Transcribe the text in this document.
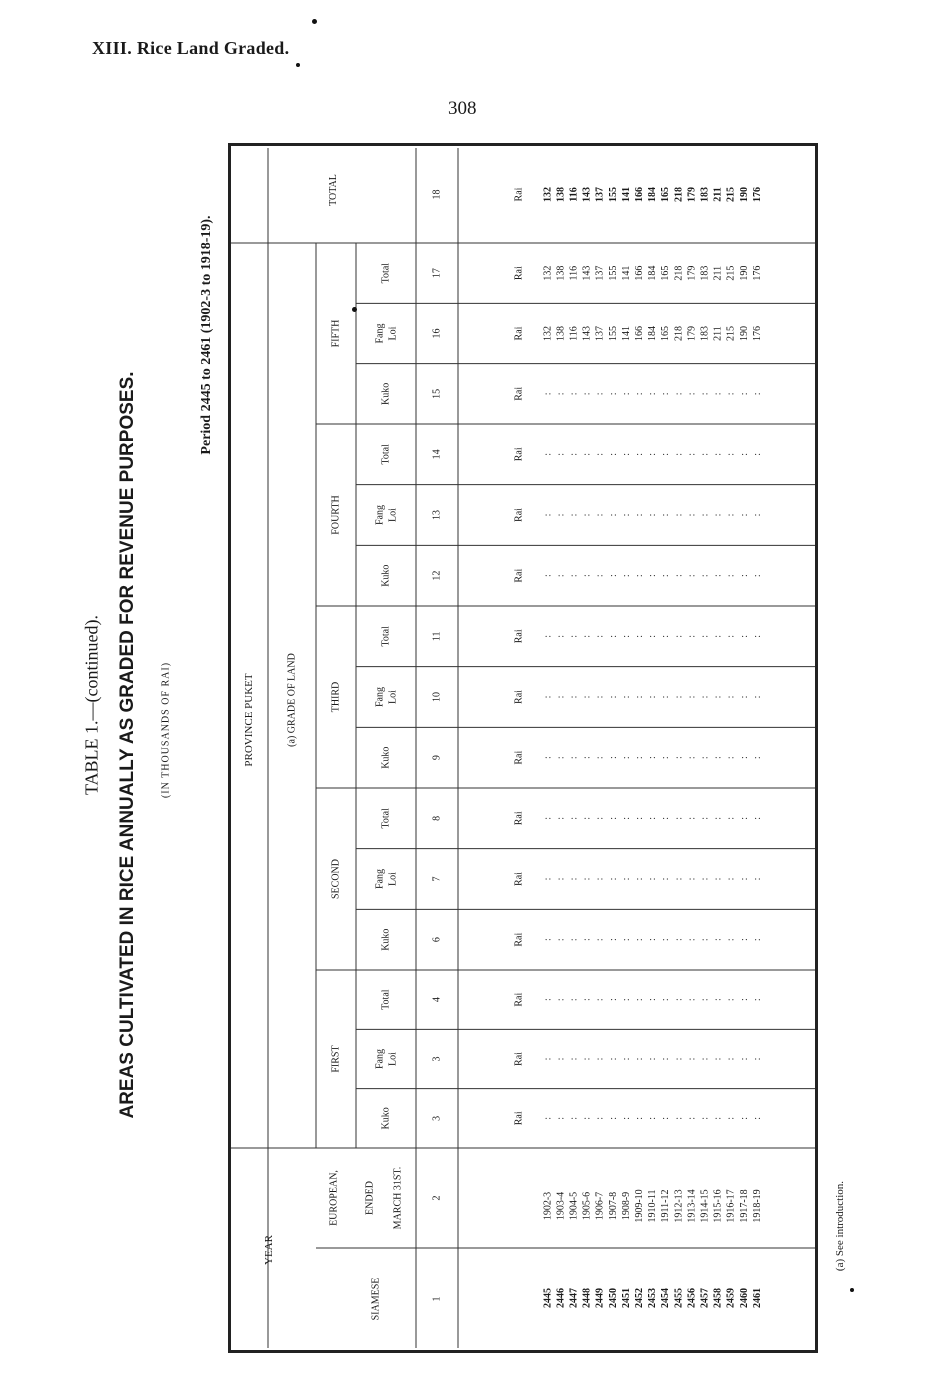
XIII. Rice Land Graded.
308
TABLE 1.—(continued). AREAS CULTIVATED IN RICE ANNUALLY AS GRADED FOR REVENUE PURPOSES. (IN THOUSANDS OF RAI)
Period 2445 to 2461 (1902-3 to 1918-19).
PROVINCE PUKET	(a) GRADE OF LAND
YEAR
TOTAL
FIFTH
FOURTH
THIRD
SECOND
FIRST
Total
Fang Loi
Kuko
Total
Fang Loi
Kuko
Total
Fang Loi
Kuko
Total
Fang Loi
Kuko
Total
Fang Loi
Kuko
SIAMESE
EUROPEAN,	ENDED MARCH 31ST.
18
17
16
15
14
13
12
11
10
9
8
7
6
4
3
3
2
1
Rai
Rai
Rai
Rai
Rai
Rai
Rai
Rai
Rai
Rai
Rai
Rai
Rai
Rai
Rai
Rai
2445
1902-3
132
132
132
:
:
:
:
:
:
:
:
:
:
:
:
:
2446
1903-4
138
138
138
:
:
:
:
:
:
:
:
:
:
:
:
:
2447
1904-5
116
116
116
:
:
:
:
:
:
:
:
:
:
:
:
:
2448
1905-6
143
143
143
:
:
:
:
:
:
:
:
:
:
:
:
:
2449
1906-7
137
137
137
:
:
:
:
:
:
:
:
:
:
:
:
:
2450
1907-8
155
155
155
:
:
:
:
:
:
:
:
:
:
:
:
:
2451
1908-9
141
141
141
:
:
:
:
:
:
:
:
:
:
:
:
:
2452
1909-10
166
166
166
:
:
:
:
:
:
:
:
:
:
:
:
:
2453
1910-11
184
184
184
:
:
:
:
:
:
:
:
:
:
:
:
:
2454
1911-12
165
165
165
:
:
:
:
:
:
:
:
:
:
:
:
:
2455
1912-13
218
218
218
:
:
:
:
:
:
:
:
:
:
:
:
:
2456
1913-14
179
179
179
:
:
:
:
:
:
:
:
:
:
:
:
:
2457
1914-15
183
183
183
:
:
:
:
:
:
:
:
:
:
:
:
:
2458
1915-16
211
211
211
:
:
:
:
:
:
:
:
:
:
:
:
:
2459
1916-17
215
215
215
:
:
:
:
:
:
:
:
:
:
:
:
:
2460
1917-18
190
190
190
:
:
:
:
:
:
:
:
:
:
:
:
:
2461
1918-19
176
176
176
:
:
:
:
:
:
:
:
:
:
:
:
:
(a) See introduction.
